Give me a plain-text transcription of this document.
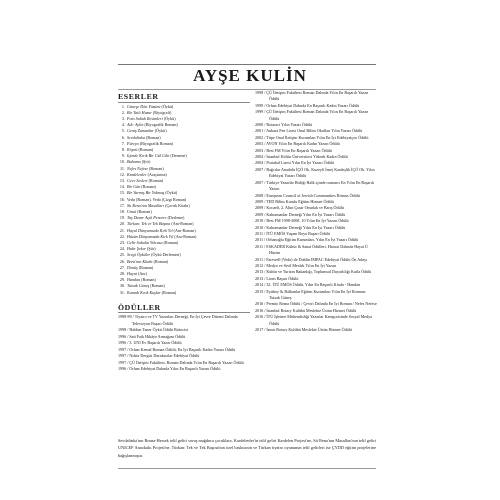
AYŞE KULİN
ESERLER
1. Güneşe Dön Yüzünü (Öykü)
2. Bir Tatlı Huzur (Biyografi)
3. Foto Sabah Resimleri (Öykü)
4. Adı: Aylin (Biyografik Roman)
5. Geniş Zamanlar (Öykü)
6. Sevdalinka (Roman)
7. Füreya (Biyografik Roman)
8. Köprü (Roman)
9. İçimde Kırık Bir Gül Gibi (Deneme)
10. Babama (Şiir)
11. Nefes Nefese (Roman)
12. Kardelenler (Araştırma)
13. Gece Sesleri (Roman)
14. Bir Gün (Roman)
15. Bir Varmış Bir Yokmuş (Öykü)
16. Veda (Roman), Veda (Çizgi Roman)
17. Sit Rena'nın Masalları (Çocuk Kitabı)
18. Umut (Roman)
19. Taş Duvar Açık Pencere (Derleme)
20. Türkan: Tek ve Tek Başına (Anı-Roman)
21. Hayal Dünyamızda Kırk Yıl (Anı-Roman)
22. Hüzün Dünyamızda Kırk Yıl (Anı-Roman)
23. Gelir Sabaha Yolcusu (Roman)
24. Hıdır Şeker (Şiir)
25. Sevgi Öyküler (Öykü Derlemesi)
26. Bora'nın Kitabı (Roman)
27. Dönüş (Roman)
28. Hayat (Anı)
29. Handan (Roman)
30. Tutsak Güneş (Roman)
31. Kanadı Kırık Kuşlar (Roman)
ÖDÜLLER
1988-89 / Tiyatro ve TV Yazarları Derneği, En İyi Çevre Düzeni Dalında Televizyon Başarı Ödülü
1998 / Haldun Taner Öykü Ödülü Birincisi
1996 / Sait Faik Hikâye Armağanı Ödülü
1996 / 3. UNI Ev Başarılı Yazar Ödülü
1997 / Orhan Kemal Roman Ödülü, En İyi Başarılı Kadın Yazarı Ödülü
1997 / Nokta Dergisi Duraksızlar Edebiyat Ödülü
1997 / ÇÜ İletişim Fakültesi, Roman Dalında Yılın En Başarılı Yazarı Ödülü
1996 / Orhan Edebiyat Dalında Yılın En Başarılı Yazarı Ödülü
1998 / ÇÜ İletişim Fakültesi Roman Dalında Yılın En Başarılı Yazarı Ödülü
1999 / Orhan Edebiyat Dalında En Başarılı Kadın Yazarı Ödülü
1999 / ÇÜ İletişim Fakültesi Roman Dalında Yılın En Başarılı Yazarı Ödülü
2000 / Rotaract Yılın Yazarı Ödülü
2001 / Ankara Fen Lisesi Onul Bilim Okulları Yılın Yazarı Ödülü
2002 / Tüpe Onul İletişim Kurumları Yılın En İyi Edebiyatçısı Ödülü
2003 / AVON Yılın En Başarılı Kadın Yazarı Ödülü
2003 / Best FM Yılın En Başarılı Yazarı Ödülü
2004 / İstanbul Kültür Üniversitesi Yüksek Kadın Ödülü
2004 / Portakal Lisesi Yılın En İyi Yazarı Ödülü
2007 / Bağcılar Anadolu İÇÖ Ok. Kuzeyli İnsej Kardeşlik İÇÖ Ok. Yılın Edebiyat Yazarı Ödülü
2007 / Türkiye Yazarlar Birliği Halk içinde romancı En Yılın En Başarılı Yazarı
2008 / European Council of Jewish Communities Ritmus Ödülü
2009 / TED Bilim Kurulu Eğitim Hizmet Ödülü
2009 / Kocaeli, 2. Altın Çınar Onurlak ve Barış Ödülü
2009 / Kahramanlar Derneği Yılın En İyi Yazarı Ödülü
2010 / Best FM 1998-2008, 10 Yılın En İyi Yazarı Ödülü
2010 / Kahramanlar Derneği Yılın En İyi Yazarı Ödülü
2011 / İTÜ EMÖS Yaşam Boyu Başarı Ödülü
2011 / Orhanoğlu Eğitim Kurumları, Yılın En İyi Yazarı Ödülü
2011 / ESKADER Kültür & Sanat Ödülleri, Hatırat Dalında Hayat Ü Hüzün
2011 / Farewell (Veda) ile Dublin IMPAC Edebiyat Ödülü Ön Adayı
2012 / Medya ve Sivil Meslek Yılın En İyi Yazarı
2013 / Kültür ve Turizm Bakanlığı, Toplumsal Duyarlılığı Kutla Ödülü
2013 / Lions Başarı Ödülü
2014 / 32. İTÜ EMÖS Ödülü, Yılın En Başarılı Kitabı - Handan
2015 / Eyüboy & Balkanlar Eğitim Kurumları Yılın En İyi Romanı: Tutsak Güneş
2016 / Premio Roma Ödülü / Çeviri Dalında En İyi Roman / Nefes Nefese
2016 / İstanbul Rotary Kulübü Meslekte Üstün Hizmet Ödülü
2016 / İTÜ İşletme Mühendisliği Yazarlar Kategorisinde Sosyal Medya Ödülü
2017 / İzmir Rotary Kulübü Meslekte Üstün Hizmet Ödülü
Sevdalinka'nın Bosna-Hersek telif geliri savaş mağduru çocuklara, Kardelenler'in telif geliri Kardelen Projesi'ne, Sit Rena'nın Masalları'nın telif geliri UNICEF Anaokulu Projesi'ne, Türkan: Tek ve Tek Başına'nın özel baskısının ve Türkan tiyatro oyununun telif gelirleri ise ÇYDD eğitim projelerine bağışlanmıştır.
